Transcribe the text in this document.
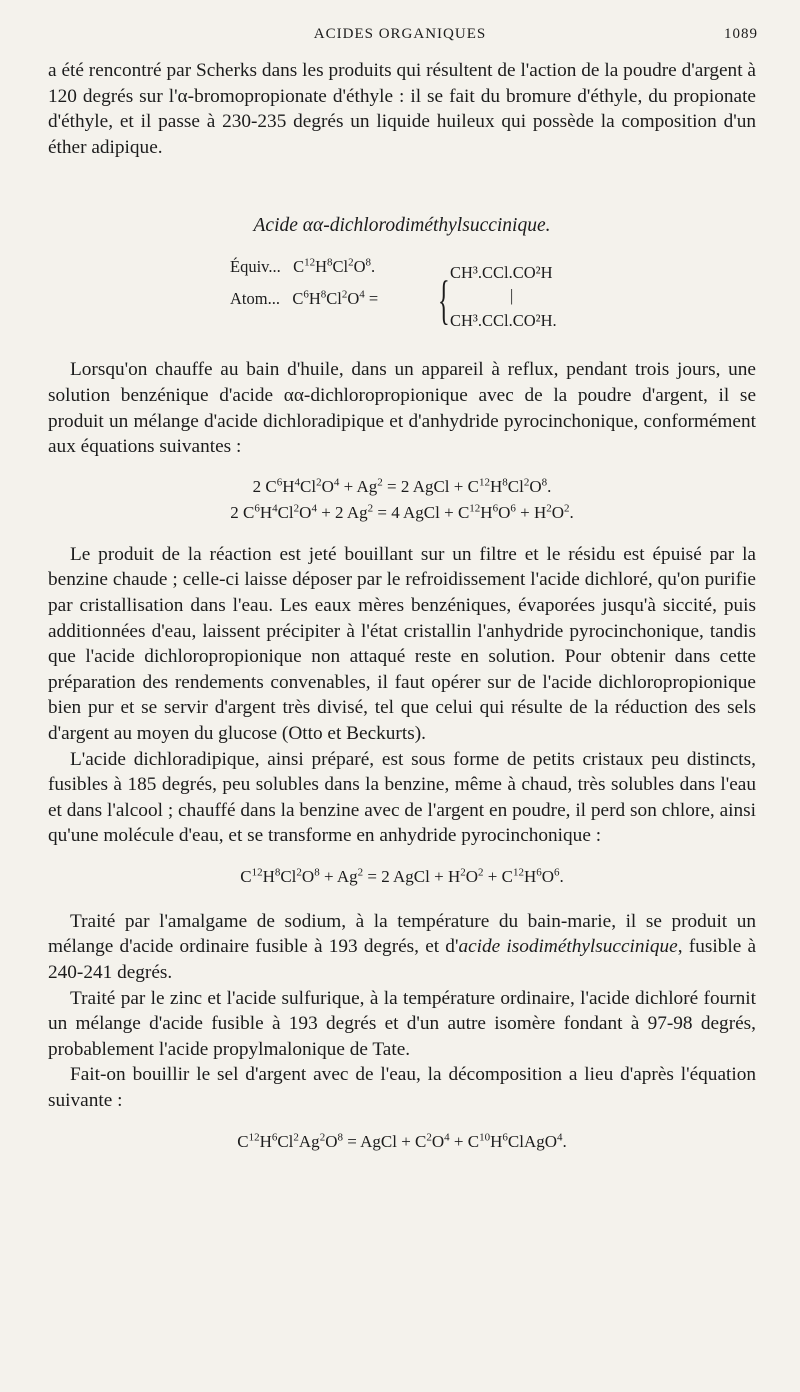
ACIDES ORGANIQUES	1089

a été rencontré par Scherks dans les produits qui résultent de l'action de la poudre d'argent à 120 degrés sur l'α-bromopropionate d'éthyle : il se fait du bromure d'éthyle, du propionate d'éthyle, et il passe à 230-235 degrés un liquide huileux qui possède la composition d'un éther adipique.

Acide αα-dichlorodiméthylsuccinique.
Équiv...   $C^{12}H^8Cl^2O^8$.
Atom...   $C^6H^8Cl^2O^4$ = { CH³.CCl.CO²H
|
CH³.CCl.CO²H.

Lorsqu'on chauffe au bain d'huile, dans un appareil à reflux, pendant trois jours, une solution benzénique d'acide αα-dichloropropionique avec de la poudre d'argent, il se produit un mélange d'acide dichloradipique et d'anhydride pyrocinchonique, conformément aux équations suivantes :

2 $C^6H^4Cl^2O^4 + Ag^2 = 2$ AgCl + $C^{12}H^8Cl^2O^8$.
2 $C^6H^4Cl^2O^4 + 2$ $Ag^2 = 4$ AgCl + $C^{12}H^6O^6 + H^2O^2$.

Le produit de la réaction est jeté bouillant sur un filtre et le résidu est épuisé par la benzine chaude ; celle-ci laisse déposer par le refroidissement l'acide dichloré, qu'on purifie par cristallisation dans l'eau. Les eaux mères benzéniques, évaporées jusqu'à siccité, puis additionnées d'eau, laissent précipiter à l'état cristallin l'anhydride pyrocinchonique, tandis que l'acide dichloropropionique non attaqué reste en solution. Pour obtenir dans cette préparation des rendements convenables, il faut opérer sur de l'acide dichloropropionique bien pur et se servir d'argent très divisé, tel que celui qui résulte de la réduction des sels d'argent au moyen du glucose (Otto et Beckurts).

L'acide dichloradipique, ainsi préparé, est sous forme de petits cristaux peu distincts, fusibles à 185 degrés, peu solubles dans la benzine, même à chaud, très solubles dans l'eau et dans l'alcool ; chauffé dans la benzine avec de l'argent en poudre, il perd son chlore, ainsi qu'une molécule d'eau, et se transforme en anhydride pyrocinchonique :

$C^{12}H^8Cl^2O^8 + Ag^2 = 2$ AgCl + $H^2O^2 + C^{12}H^6O^6$.

Traité par l'amalgame de sodium, à la température du bain-marie, il se produit un mélange d'acide ordinaire fusible à 193 degrés, et d'acide isodiméthylsuccinique, fusible à 240-241 degrés.

Traité par le zinc et l'acide sulfurique, à la température ordinaire, l'acide dichloré fournit un mélange d'acide fusible à 193 degrés et d'un autre isomère fondant à 97-98 degrés, probablement l'acide propylmalonique de Tate.

Fait-on bouillir le sel d'argent avec de l'eau, la décomposition a lieu d'après l'équation suivante :

$C^{12}H^6Cl^2Ag^2O^8$ = AgCl + $C^2O^4$ + $C^{10}H^6ClAgO^4$.
